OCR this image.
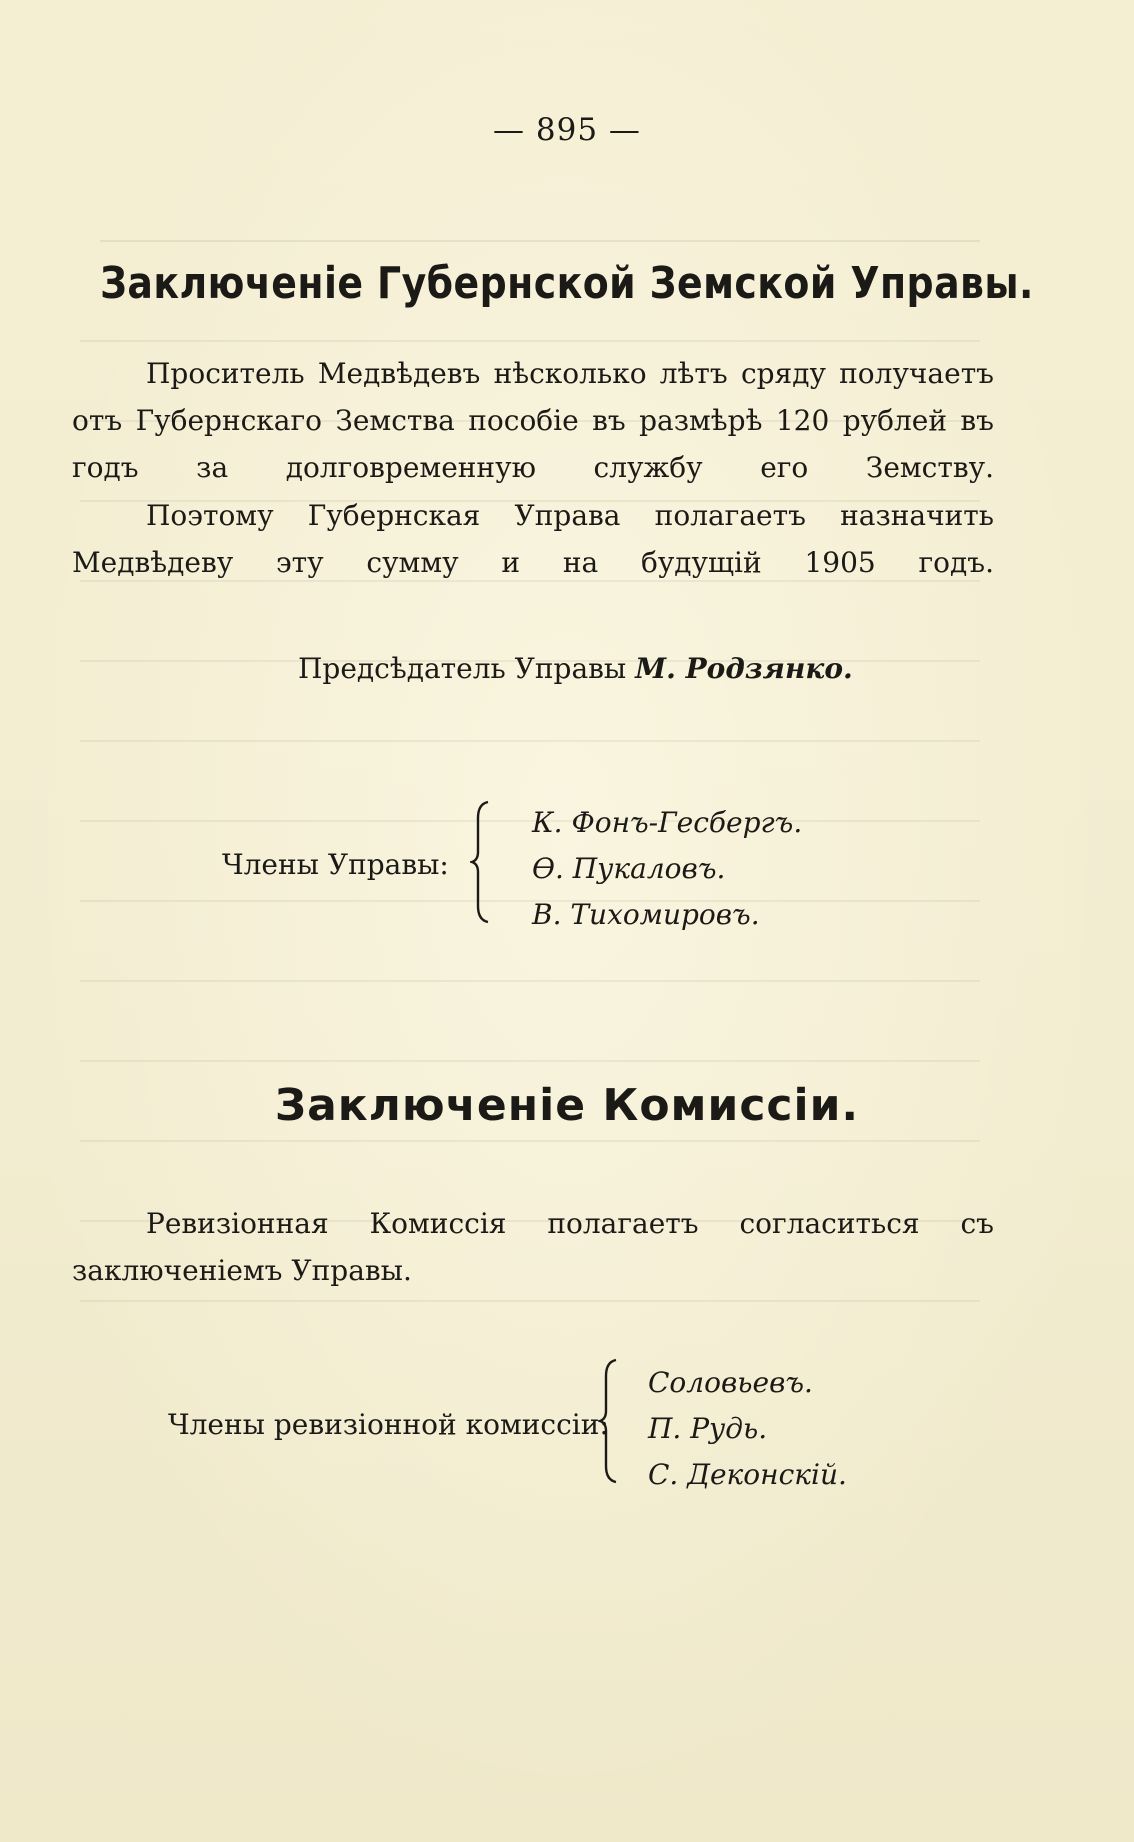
— 895 —
Заключеніе Губернской Земской Управы.
Проситель Медвѣдевъ нѣсколько лѣтъ сряду получаетъ отъ Губернскаго Земства пособіе въ размѣрѣ 120 рублей въ годъ за долговременную службу его Земству.
Поэтому Губернская Управа полагаетъ назначить Медвѣдеву эту сумму и на будущій 1905 годъ.
Предсѣдатель Управы М. Родзянко.
Члены Управы:
К. Фонъ-Гесбергъ.
Ѳ. Пукаловъ.
В. Тихомировъ.
Заключеніе Комиссіи.
Ревизіонная Комиссія полагаетъ согласиться съ заключеніемъ Управы.
Члены ревизіонной комиссіи:
Соловьевъ.
П. Рудь.
С. Деконскій.
